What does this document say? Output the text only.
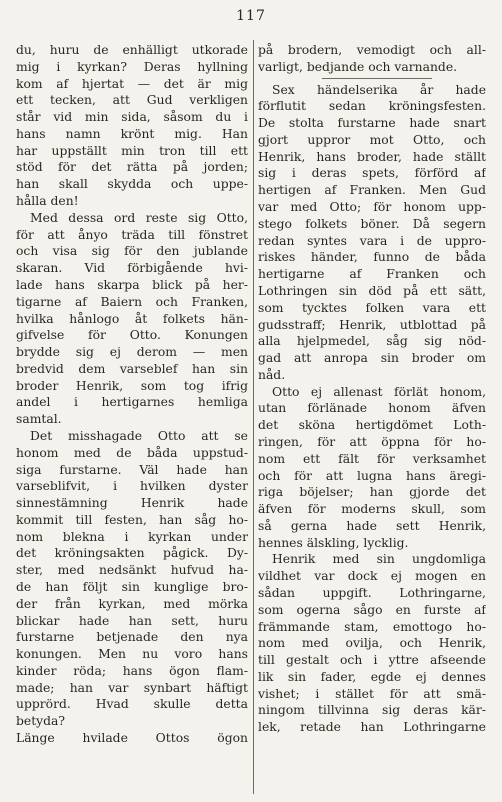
117
du, huru de enhälligt utkorade
mig i kyrkan? Deras hyllning
kom af hjertat — det är mig
ett tecken, att Gud verkligen
står vid min sida, såsom du i
hans namn krönt mig. Han
har uppställt min tron till ett
stöd för det rätta på jorden;
han skall skydda och uppe-
hålla den!
Med dessa ord reste sig Otto,
för att ånyo träda till fönstret
och visa sig för den jublande
skaran. Vid förbigående hvi-
lade hans skarpa blick på her-
tigarne af Baiern och Franken,
hvilka hånlogo åt folkets hän-
gifvelse för Otto. Konungen
brydde sig ej derom — men
bredvid dem varseblef han sin
broder Henrik, som tog ifrig
andel i hertigarnes hemliga
samtal.
Det misshagade Otto att se
honom med de båda uppstud-
siga furstarne. Väl hade han
varseblifvit, i hvilken dyster
sinnestämning Henrik hade
kommit till festen, han såg ho-
nom blekna i kyrkan under
det kröningsakten pågick. Dy-
ster, med nedsänkt hufvud ha-
de han följt sin kunglige bro-
der från kyrkan, med mörka
blickar hade han sett, huru
furstarne betjenade den nya
konungen. Men nu voro hans
kinder röda; hans ögon flam-
made; han var synbart häftigt
upprörd. Hvad skulle detta
betyda?
Länge hvilade Ottos ögon
på brodern, vemodigt och all-
varligt, bedjande och varnande.
Sex händelserika år hade
förflutit sedan kröningsfesten.
De stolta furstarne hade snart
gjort uppror mot Otto, och
Henrik, hans broder, hade ställt
sig i deras spets, förförd af
hertigen af Franken. Men Gud
var med Otto; för honom upp-
stego folkets böner. Då segern
redan syntes vara i de uppro-
riskes händer, funno de båda
hertigarne af Franken och
Lothringen sin död på ett sätt,
som tycktes folken vara ett
gudsstraff; Henrik, utblottad på
alla hjelpmedel, såg sig nöd-
gad att anropa sin broder om
nåd.
Otto ej allenast förlät honom,
utan förlänade honom äfven
det sköna hertigdömet Loth-
ringen, för att öppna för ho-
nom ett fält för verksamhet
och för att lugna hans äregi-
riga böjelser; han gjorde det
äfven för moderns skull, som
så gerna hade sett Henrik,
hennes älskling, lycklig.
Henrik med sin ungdomliga
vildhet var dock ej mogen en
sådan uppgift. Lothringarne,
som ogerna sågo en furste af
främmande stam, emottogo ho-
nom med ovilja, och Henrik,
till gestalt och i yttre afseende
lik sin fader, egde ej dennes
vishet; i stället för att smä-
ningom tillvinna sig deras kär-
lek, retade han Lothringarne
